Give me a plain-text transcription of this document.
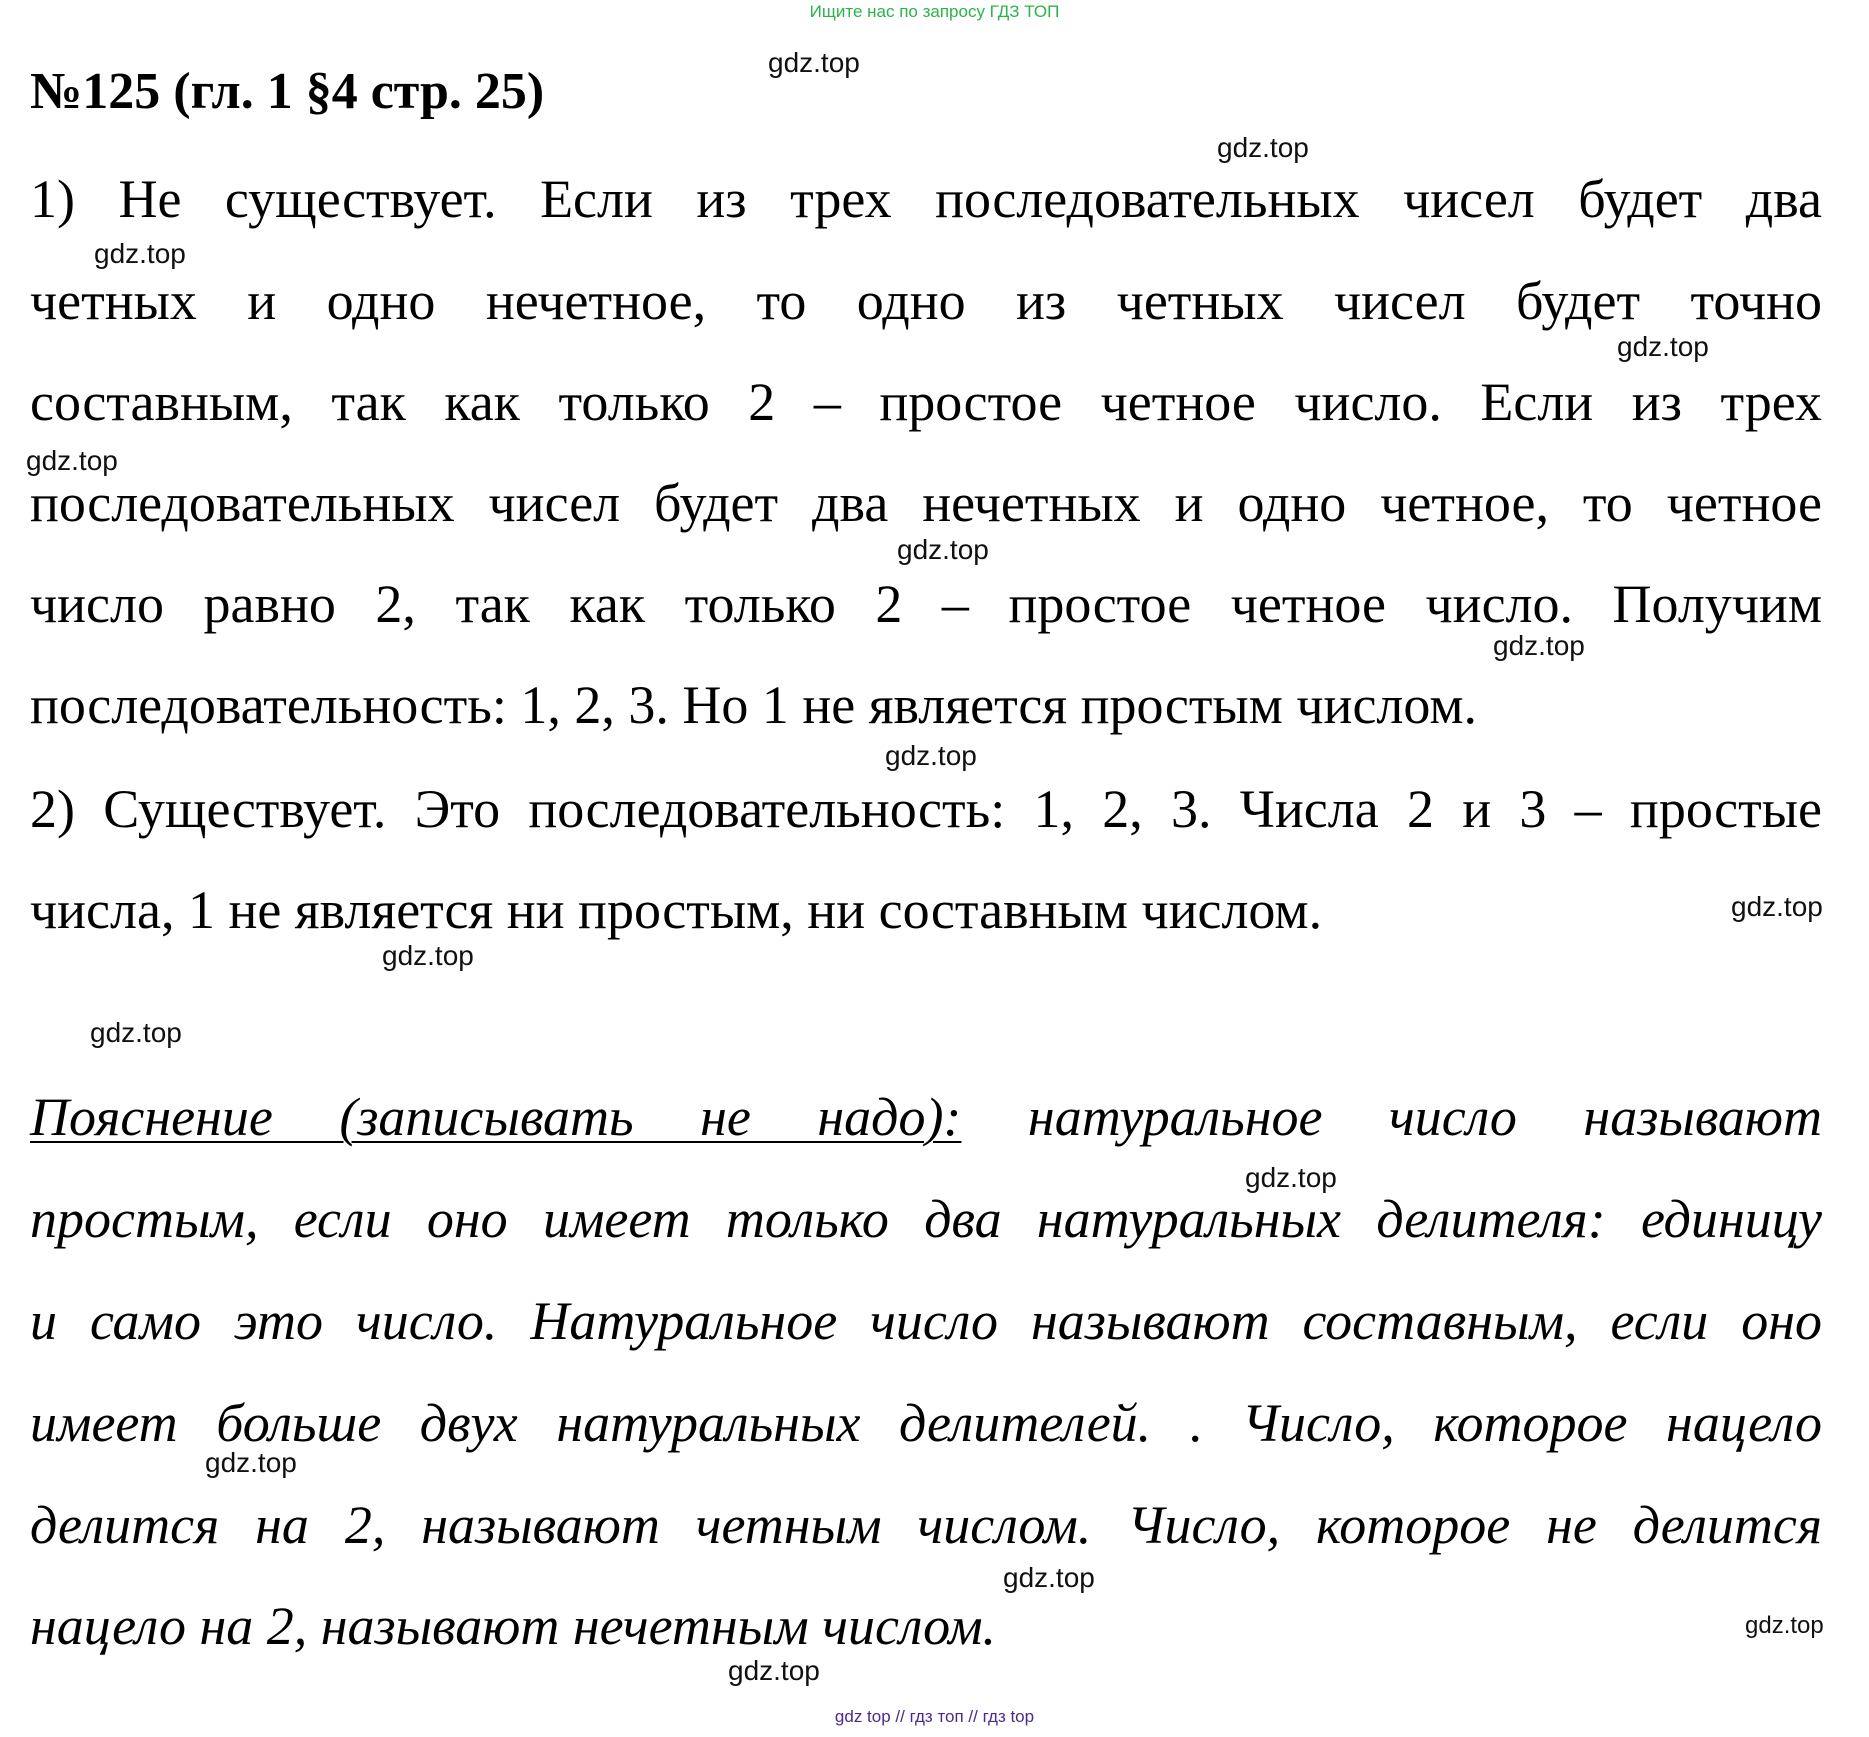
Ищите нас по запросу ГДЗ ТОП
№125 (гл. 1 §4 стр. 25)

1) Не существует. Если из трех последовательных чисел будет два

четных и одно нечетное, то одно из четных чисел будет точно

составным, так как только 2 – простое четное число. Если из трех

последовательных чисел будет два нечетных и одно четное, то четное

число равно 2, так как только 2 – простое четное число. Получим

последовательность: 1, 2, 3. Но 1 не является простым числом.

2) Существует. Это последовательность: 1, 2, 3. Числа 2 и 3 – простые

числа, 1 не является ни простым, ни составным числом.

Пояснение (записывать не надо): натуральное число называют

простым, если оно имеет только два натуральных делителя: единицу

и само это число. Натуральное число называют составным, если оно

имеет больше двух натуральных делителей. . Число, которое нацело

делится на 2, называют четным числом. Число, которое не делится

нацело на 2, называют нечетным числом.

gdz.top
gdz.top
gdz.top
gdz.top
gdz.top
gdz.top
gdz.top
gdz.top
gdz.top
gdz.top
gdz.top
gdz.top
gdz.top
gdz.top
gdz.top
gdz.top
gdz top // гдз топ // гдз top
